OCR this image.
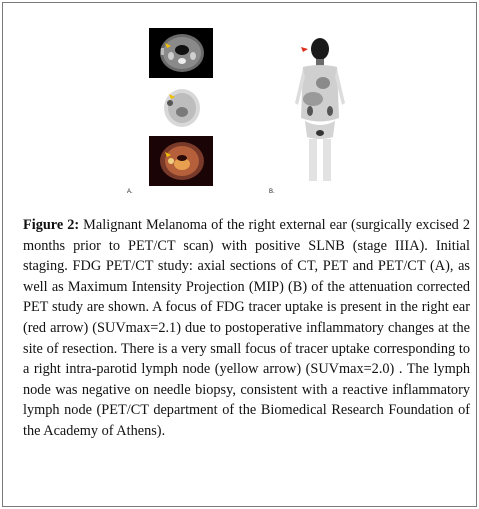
A.	B.
Figure 2: Malignant Melanoma of the right external ear (surgically excised 2 months prior to PET/CT scan) with positive SLNB (stage IIIA). Initial staging. FDG PET/CT study: axial sections of CT, PET and PET/CT (A), as well as Maximum Intensity Projection (MIP) (B) of the attenuation corrected PET study are shown. A focus of FDG tracer uptake is present in the right ear (red arrow) (SUVmax=2.1) due to postoperative inflammatory changes at the site of resection. There is a very small focus of tracer uptake corresponding to a right intra-parotid lymph node (yellow arrow) (SUVmax=2.0) . The lymph node was negative on needle biopsy, consistent with a reactive inflammatory lymph node (PET/CT department of the Biomedical Research Foundation of the Academy of Athens).
